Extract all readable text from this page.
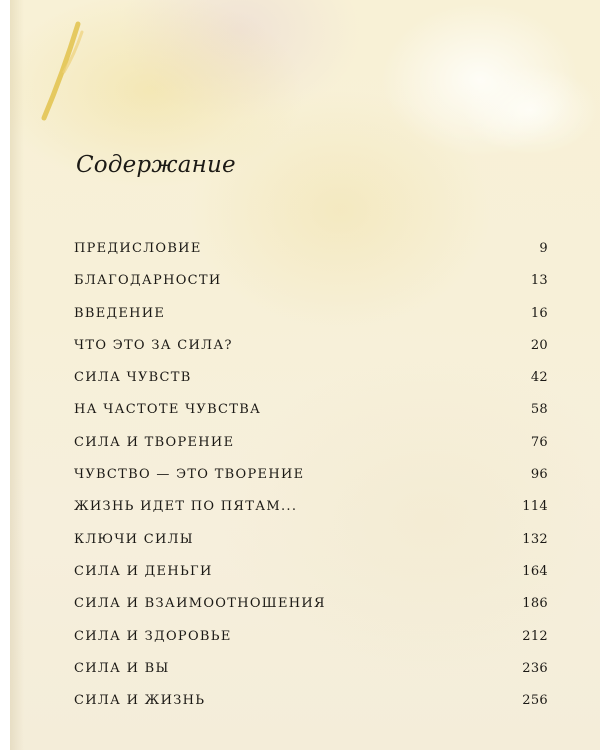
Содержание
ПРЕДИСЛОВИЕ	9
БЛАГОДАРНОСТИ	13
ВВЕДЕНИЕ	16
ЧТО ЭТО ЗА СИЛА?	20
СИЛА ЧУВСТВ	42
НА ЧАСТОТЕ ЧУВСТВА	58
СИЛА И ТВОРЕНИЕ	76
ЧУВСТВО — ЭТО ТВОРЕНИЕ	96
ЖИЗНЬ ИДЕТ ПО ПЯТАМ...	114
КЛЮЧИ СИЛЫ	132
СИЛА И ДЕНЬГИ	164
СИЛА И ВЗАИМООТНОШЕНИЯ	186
СИЛА И ЗДОРОВЬЕ	212
СИЛА И ВЫ	236
СИЛА И ЖИЗНЬ	256
